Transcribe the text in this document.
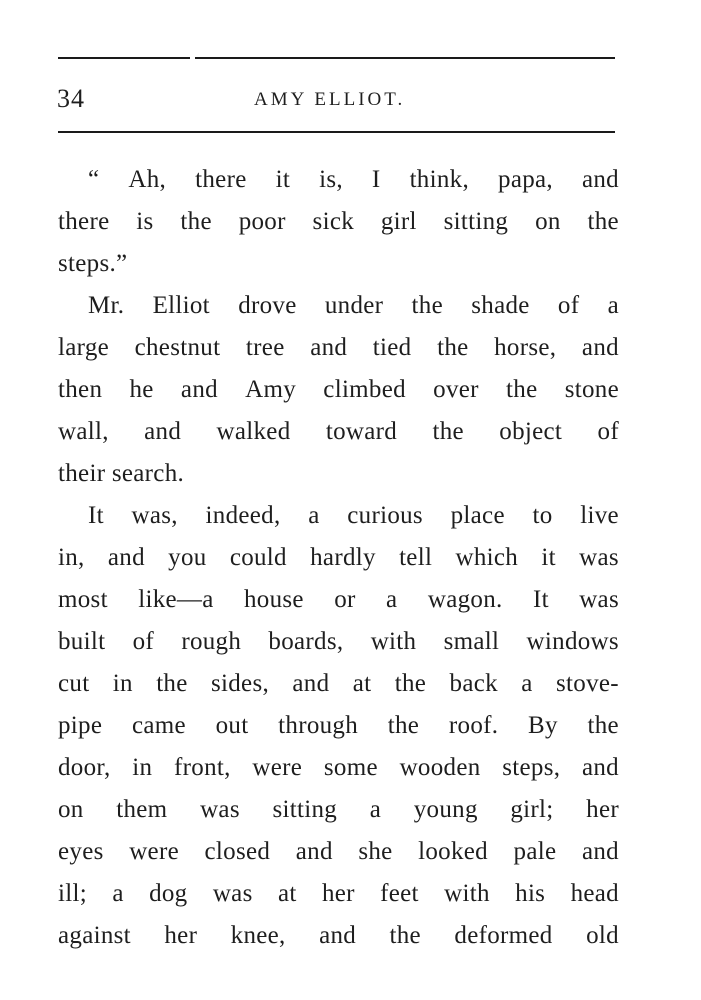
34	AMY ELLIOT.
“ Ah, there it is, I think, papa, and
there is the poor sick girl sitting on the
steps.”
Mr. Elliot drove under the shade of a
large chestnut tree and tied the horse, and
then he and Amy climbed over the stone
wall, and walked toward the object of
their search.
It was, indeed, a curious place to live
in, and you could hardly tell which it was
most like—a house or a wagon. It was
built of rough boards, with small windows
cut in the sides, and at the back a stove-
pipe came out through the roof. By the
door, in front, were some wooden steps, and
on them was sitting a young girl; her
eyes were closed and she looked pale and
ill; a dog was at her feet with his head
against her knee, and the deformed old
